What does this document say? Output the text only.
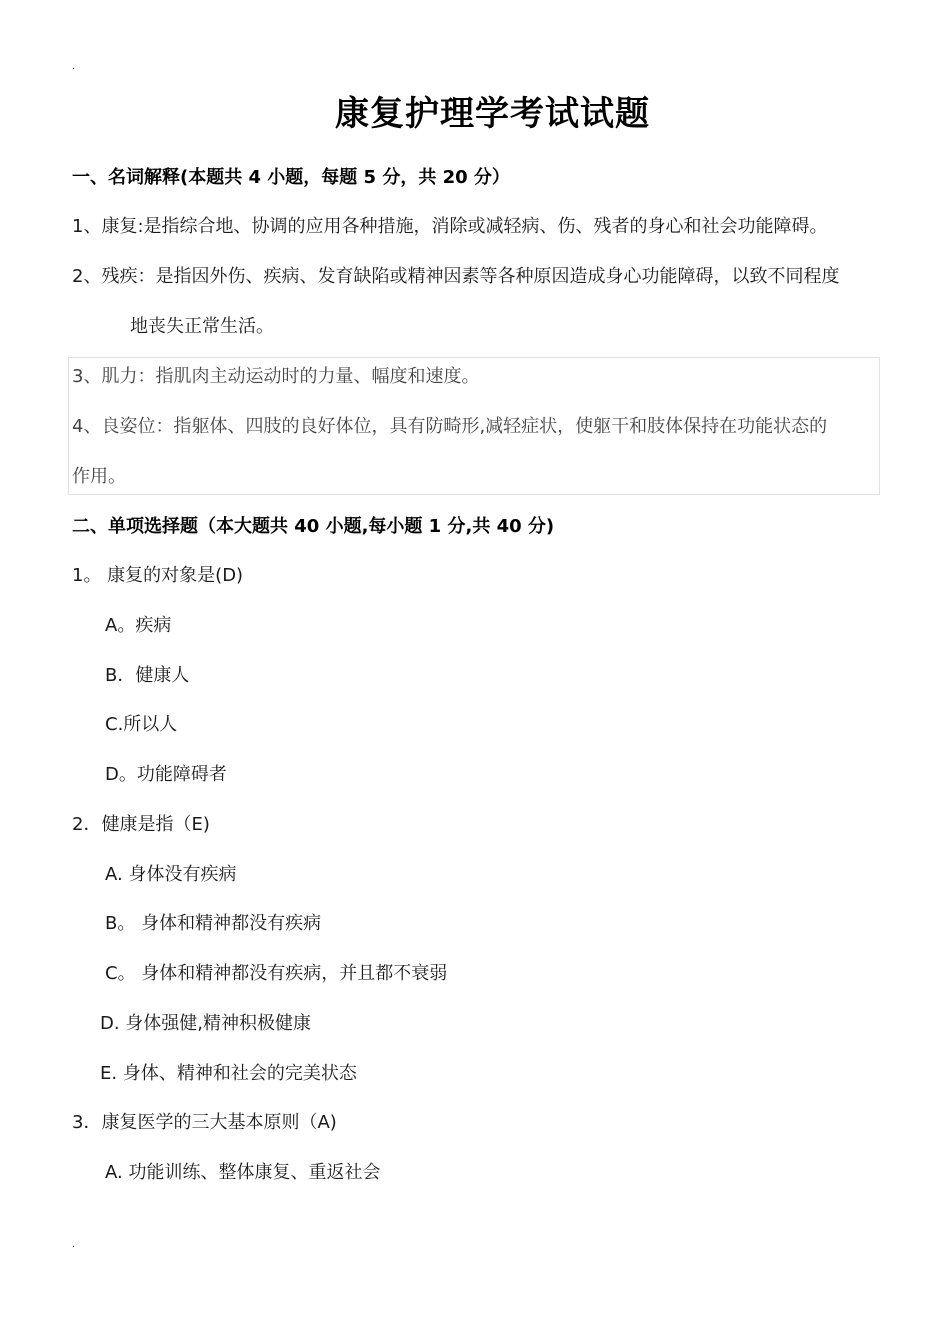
.
康复护理学考试试题
一、名词解释(本题共 4 小题，每题 5 分，共 20 分）
1、康复:是指综合地、协调的应用各种措施，消除或减轻病、伤、残者的身心和社会功能障碍。
2、残疾：是指因外伤、疾病、发育缺陷或精神因素等各种原因造成身心功能障碍，以致不同程度
地丧失正常生活。
3、肌力：指肌肉主动运动时的力量、幅度和速度。
4、良姿位：指躯体、四肢的良好体位，具有防畸形,减轻症状，使躯干和肢体保持在功能状态的
作用。
二、单项选择题（本大题共 40 小题,每小题 1 分,共 40 分)
1。 康复的对象是(D)
A。疾病
B．健康人
C.所以人
D。功能障碍者
2．健康是指（E)
A. 身体没有疾病
B。 身体和精神都没有疾病
C。 身体和精神都没有疾病，并且都不衰弱
D. 身体强健,精神积极健康
E. 身体、精神和社会的完美状态
3．康复医学的三大基本原则（A)
A. 功能训练、整体康复、重返社会
.
